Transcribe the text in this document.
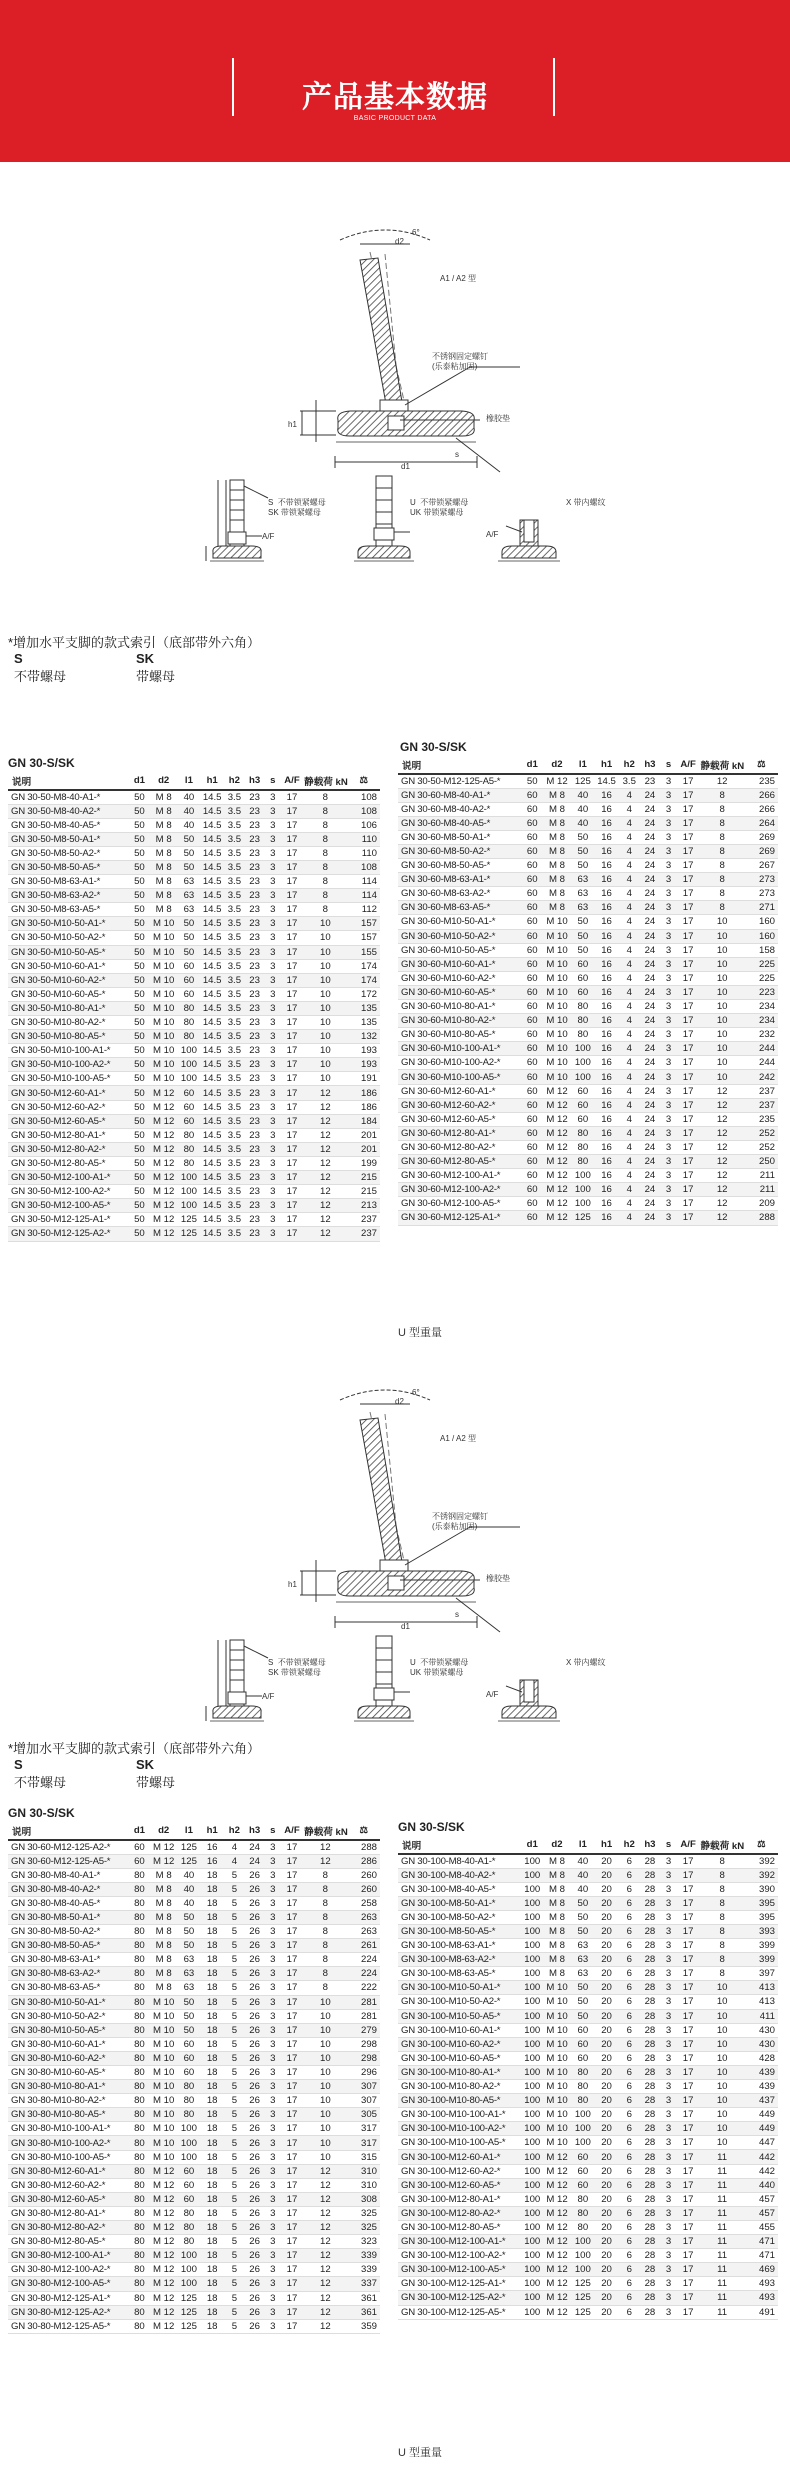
产品基本数据
BASIC PRODUCT DATA
A1 / A2 型
6°
d2
不锈钢固定螺钉
(乐泰粘加固)
橡胶垫
d1
h1
s
S  不带锁紧螺母
SK 带锁紧螺母
U  不带锁紧螺母
UK 带锁紧螺母
X 带内螺纹
A/F	A/F
*增加水平支脚的款式索引（底部带外六角）
S
不带螺母
SK
带螺母
GN 30-S/SK
GN 30-S/SK
说明	d1	d2	l1	h1	h2	h3	s	A/F	静载荷 kN	⚖
GN 30-50-M8-40-A1-*	50	M 8	40	14.5	3.5	23	3	17	8	108
GN 30-50-M8-40-A2-*	50	M 8	40	14.5	3.5	23	3	17	8	108
GN 30-50-M8-40-A5-*	50	M 8	40	14.5	3.5	23	3	17	8	106
GN 30-50-M8-50-A1-*	50	M 8	50	14.5	3.5	23	3	17	8	110
GN 30-50-M8-50-A2-*	50	M 8	50	14.5	3.5	23	3	17	8	110
GN 30-50-M8-50-A5-*	50	M 8	50	14.5	3.5	23	3	17	8	108
GN 30-50-M8-63-A1-*	50	M 8	63	14.5	3.5	23	3	17	8	114
GN 30-50-M8-63-A2-*	50	M 8	63	14.5	3.5	23	3	17	8	114
GN 30-50-M8-63-A5-*	50	M 8	63	14.5	3.5	23	3	17	8	112
GN 30-50-M10-50-A1-*	50	M 10	50	14.5	3.5	23	3	17	10	157
GN 30-50-M10-50-A2-*	50	M 10	50	14.5	3.5	23	3	17	10	157
GN 30-50-M10-50-A5-*	50	M 10	50	14.5	3.5	23	3	17	10	155
GN 30-50-M10-60-A1-*	50	M 10	60	14.5	3.5	23	3	17	10	174
GN 30-50-M10-60-A2-*	50	M 10	60	14.5	3.5	23	3	17	10	174
GN 30-50-M10-60-A5-*	50	M 10	60	14.5	3.5	23	3	17	10	172
GN 30-50-M10-80-A1-*	50	M 10	80	14.5	3.5	23	3	17	10	135
GN 30-50-M10-80-A2-*	50	M 10	80	14.5	3.5	23	3	17	10	135
GN 30-50-M10-80-A5-*	50	M 10	80	14.5	3.5	23	3	17	10	132
GN 30-50-M10-100-A1-*	50	M 10	100	14.5	3.5	23	3	17	10	193
GN 30-50-M10-100-A2-*	50	M 10	100	14.5	3.5	23	3	17	10	193
GN 30-50-M10-100-A5-*	50	M 10	100	14.5	3.5	23	3	17	10	191
GN 30-50-M12-60-A1-*	50	M 12	60	14.5	3.5	23	3	17	12	186
GN 30-50-M12-60-A2-*	50	M 12	60	14.5	3.5	23	3	17	12	186
GN 30-50-M12-60-A5-*	50	M 12	60	14.5	3.5	23	3	17	12	184
GN 30-50-M12-80-A1-*	50	M 12	80	14.5	3.5	23	3	17	12	201
GN 30-50-M12-80-A2-*	50	M 12	80	14.5	3.5	23	3	17	12	201
GN 30-50-M12-80-A5-*	50	M 12	80	14.5	3.5	23	3	17	12	199
GN 30-50-M12-100-A1-*	50	M 12	100	14.5	3.5	23	3	17	12	215
GN 30-50-M12-100-A2-*	50	M 12	100	14.5	3.5	23	3	17	12	215
GN 30-50-M12-100-A5-*	50	M 12	100	14.5	3.5	23	3	17	12	213
GN 30-50-M12-125-A1-*	50	M 12	125	14.5	3.5	23	3	17	12	237
GN 30-50-M12-125-A2-*	50	M 12	125	14.5	3.5	23	3	17	12	237
说明	d1	d2	l1	h1	h2	h3	s	A/F	静载荷 kN	⚖
GN 30-50-M12-125-A5-*	50	M 12	125	14.5	3.5	23	3	17	12	235
GN 30-60-M8-40-A1-*	60	M 8	40	16	4	24	3	17	8	266
GN 30-60-M8-40-A2-*	60	M 8	40	16	4	24	3	17	8	266
GN 30-60-M8-40-A5-*	60	M 8	40	16	4	24	3	17	8	264
GN 30-60-M8-50-A1-*	60	M 8	50	16	4	24	3	17	8	269
GN 30-60-M8-50-A2-*	60	M 8	50	16	4	24	3	17	8	269
GN 30-60-M8-50-A5-*	60	M 8	50	16	4	24	3	17	8	267
GN 30-60-M8-63-A1-*	60	M 8	63	16	4	24	3	17	8	273
GN 30-60-M8-63-A2-*	60	M 8	63	16	4	24	3	17	8	273
GN 30-60-M8-63-A5-*	60	M 8	63	16	4	24	3	17	8	271
GN 30-60-M10-50-A1-*	60	M 10	50	16	4	24	3	17	10	160
GN 30-60-M10-50-A2-*	60	M 10	50	16	4	24	3	17	10	160
GN 30-60-M10-50-A5-*	60	M 10	50	16	4	24	3	17	10	158
GN 30-60-M10-60-A1-*	60	M 10	60	16	4	24	3	17	10	225
GN 30-60-M10-60-A2-*	60	M 10	60	16	4	24	3	17	10	225
GN 30-60-M10-60-A5-*	60	M 10	60	16	4	24	3	17	10	223
GN 30-60-M10-80-A1-*	60	M 10	80	16	4	24	3	17	10	234
GN 30-60-M10-80-A2-*	60	M 10	80	16	4	24	3	17	10	234
GN 30-60-M10-80-A5-*	60	M 10	80	16	4	24	3	17	10	232
GN 30-60-M10-100-A1-*	60	M 10	100	16	4	24	3	17	10	244
GN 30-60-M10-100-A2-*	60	M 10	100	16	4	24	3	17	10	244
GN 30-60-M10-100-A5-*	60	M 10	100	16	4	24	3	17	10	242
GN 30-60-M12-60-A1-*	60	M 12	60	16	4	24	3	17	12	237
GN 30-60-M12-60-A2-*	60	M 12	60	16	4	24	3	17	12	237
GN 30-60-M12-60-A5-*	60	M 12	60	16	4	24	3	17	12	235
GN 30-60-M12-80-A1-*	60	M 12	80	16	4	24	3	17	12	252
GN 30-60-M12-80-A2-*	60	M 12	80	16	4	24	3	17	12	252
GN 30-60-M12-80-A5-*	60	M 12	80	16	4	24	3	17	12	250
GN 30-60-M12-100-A1-*	60	M 12	100	16	4	24	3	17	12	211
GN 30-60-M12-100-A2-*	60	M 12	100	16	4	24	3	17	12	211
GN 30-60-M12-100-A5-*	60	M 12	100	16	4	24	3	17	12	209
GN 30-60-M12-125-A1-*	60	M 12	125	16	4	24	3	17	12	288
U 型重量
A1 / A2 型
6°
d2
不锈钢固定螺钉
(乐泰粘加固)
橡胶垫
d1
h1
s
S  不带锁紧螺母
SK 带锁紧螺母
U  不带锁紧螺母
UK 带锁紧螺母
X 带内螺纹
A/F	A/F
*增加水平支脚的款式索引（底部带外六角）
S
不带螺母
SK
带螺母
GN 30-S/SK
GN 30-S/SK
说明	d1	d2	l1	h1	h2	h3	s	A/F	静载荷 kN	⚖
GN 30-60-M12-125-A2-*	60	M 12	125	16	4	24	3	17	12	288
GN 30-60-M12-125-A5-*	60	M 12	125	16	4	24	3	17	12	286
GN 30-80-M8-40-A1-*	80	M 8	40	18	5	26	3	17	8	260
GN 30-80-M8-40-A2-*	80	M 8	40	18	5	26	3	17	8	260
GN 30-80-M8-40-A5-*	80	M 8	40	18	5	26	3	17	8	258
GN 30-80-M8-50-A1-*	80	M 8	50	18	5	26	3	17	8	263
GN 30-80-M8-50-A2-*	80	M 8	50	18	5	26	3	17	8	263
GN 30-80-M8-50-A5-*	80	M 8	50	18	5	26	3	17	8	261
GN 30-80-M8-63-A1-*	80	M 8	63	18	5	26	3	17	8	224
GN 30-80-M8-63-A2-*	80	M 8	63	18	5	26	3	17	8	224
GN 30-80-M8-63-A5-*	80	M 8	63	18	5	26	3	17	8	222
GN 30-80-M10-50-A1-*	80	M 10	50	18	5	26	3	17	10	281
GN 30-80-M10-50-A2-*	80	M 10	50	18	5	26	3	17	10	281
GN 30-80-M10-50-A5-*	80	M 10	50	18	5	26	3	17	10	279
GN 30-80-M10-60-A1-*	80	M 10	60	18	5	26	3	17	10	298
GN 30-80-M10-60-A2-*	80	M 10	60	18	5	26	3	17	10	298
GN 30-80-M10-60-A5-*	80	M 10	60	18	5	26	3	17	10	296
GN 30-80-M10-80-A1-*	80	M 10	80	18	5	26	3	17	10	307
GN 30-80-M10-80-A2-*	80	M 10	80	18	5	26	3	17	10	307
GN 30-80-M10-80-A5-*	80	M 10	80	18	5	26	3	17	10	305
GN 30-80-M10-100-A1-*	80	M 10	100	18	5	26	3	17	10	317
GN 30-80-M10-100-A2-*	80	M 10	100	18	5	26	3	17	10	317
GN 30-80-M10-100-A5-*	80	M 10	100	18	5	26	3	17	10	315
GN 30-80-M12-60-A1-*	80	M 12	60	18	5	26	3	17	12	310
GN 30-80-M12-60-A2-*	80	M 12	60	18	5	26	3	17	12	310
GN 30-80-M12-60-A5-*	80	M 12	60	18	5	26	3	17	12	308
GN 30-80-M12-80-A1-*	80	M 12	80	18	5	26	3	17	12	325
GN 30-80-M12-80-A2-*	80	M 12	80	18	5	26	3	17	12	325
GN 30-80-M12-80-A5-*	80	M 12	80	18	5	26	3	17	12	323
GN 30-80-M12-100-A1-*	80	M 12	100	18	5	26	3	17	12	339
GN 30-80-M12-100-A2-*	80	M 12	100	18	5	26	3	17	12	339
GN 30-80-M12-100-A5-*	80	M 12	100	18	5	26	3	17	12	337
GN 30-80-M12-125-A1-*	80	M 12	125	18	5	26	3	17	12	361
GN 30-80-M12-125-A2-*	80	M 12	125	18	5	26	3	17	12	361
GN 30-80-M12-125-A5-*	80	M 12	125	18	5	26	3	17	12	359
说明	d1	d2	l1	h1	h2	h3	s	A/F	静载荷 kN	⚖
GN 30-100-M8-40-A1-*	100	M 8	40	20	6	28	3	17	8	392
GN 30-100-M8-40-A2-*	100	M 8	40	20	6	28	3	17	8	392
GN 30-100-M8-40-A5-*	100	M 8	40	20	6	28	3	17	8	390
GN 30-100-M8-50-A1-*	100	M 8	50	20	6	28	3	17	8	395
GN 30-100-M8-50-A2-*	100	M 8	50	20	6	28	3	17	8	395
GN 30-100-M8-50-A5-*	100	M 8	50	20	6	28	3	17	8	393
GN 30-100-M8-63-A1-*	100	M 8	63	20	6	28	3	17	8	399
GN 30-100-M8-63-A2-*	100	M 8	63	20	6	28	3	17	8	399
GN 30-100-M8-63-A5-*	100	M 8	63	20	6	28	3	17	8	397
GN 30-100-M10-50-A1-*	100	M 10	50	20	6	28	3	17	10	413
GN 30-100-M10-50-A2-*	100	M 10	50	20	6	28	3	17	10	413
GN 30-100-M10-50-A5-*	100	M 10	50	20	6	28	3	17	10	411
GN 30-100-M10-60-A1-*	100	M 10	60	20	6	28	3	17	10	430
GN 30-100-M10-60-A2-*	100	M 10	60	20	6	28	3	17	10	430
GN 30-100-M10-60-A5-*	100	M 10	60	20	6	28	3	17	10	428
GN 30-100-M10-80-A1-*	100	M 10	80	20	6	28	3	17	10	439
GN 30-100-M10-80-A2-*	100	M 10	80	20	6	28	3	17	10	439
GN 30-100-M10-80-A5-*	100	M 10	80	20	6	28	3	17	10	437
GN 30-100-M10-100-A1-*	100	M 10	100	20	6	28	3	17	10	449
GN 30-100-M10-100-A2-*	100	M 10	100	20	6	28	3	17	10	449
GN 30-100-M10-100-A5-*	100	M 10	100	20	6	28	3	17	10	447
GN 30-100-M12-60-A1-*	100	M 12	60	20	6	28	3	17	11	442
GN 30-100-M12-60-A2-*	100	M 12	60	20	6	28	3	17	11	442
GN 30-100-M12-60-A5-*	100	M 12	60	20	6	28	3	17	11	440
GN 30-100-M12-80-A1-*	100	M 12	80	20	6	28	3	17	11	457
GN 30-100-M12-80-A2-*	100	M 12	80	20	6	28	3	17	11	457
GN 30-100-M12-80-A5-*	100	M 12	80	20	6	28	3	17	11	455
GN 30-100-M12-100-A1-*	100	M 12	100	20	6	28	3	17	11	471
GN 30-100-M12-100-A2-*	100	M 12	100	20	6	28	3	17	11	471
GN 30-100-M12-100-A5-*	100	M 12	100	20	6	28	3	17	11	469
GN 30-100-M12-125-A1-*	100	M 12	125	20	6	28	3	17	11	493
GN 30-100-M12-125-A2-*	100	M 12	125	20	6	28	3	17	11	493
GN 30-100-M12-125-A5-*	100	M 12	125	20	6	28	3	17	11	491
U 型重量
